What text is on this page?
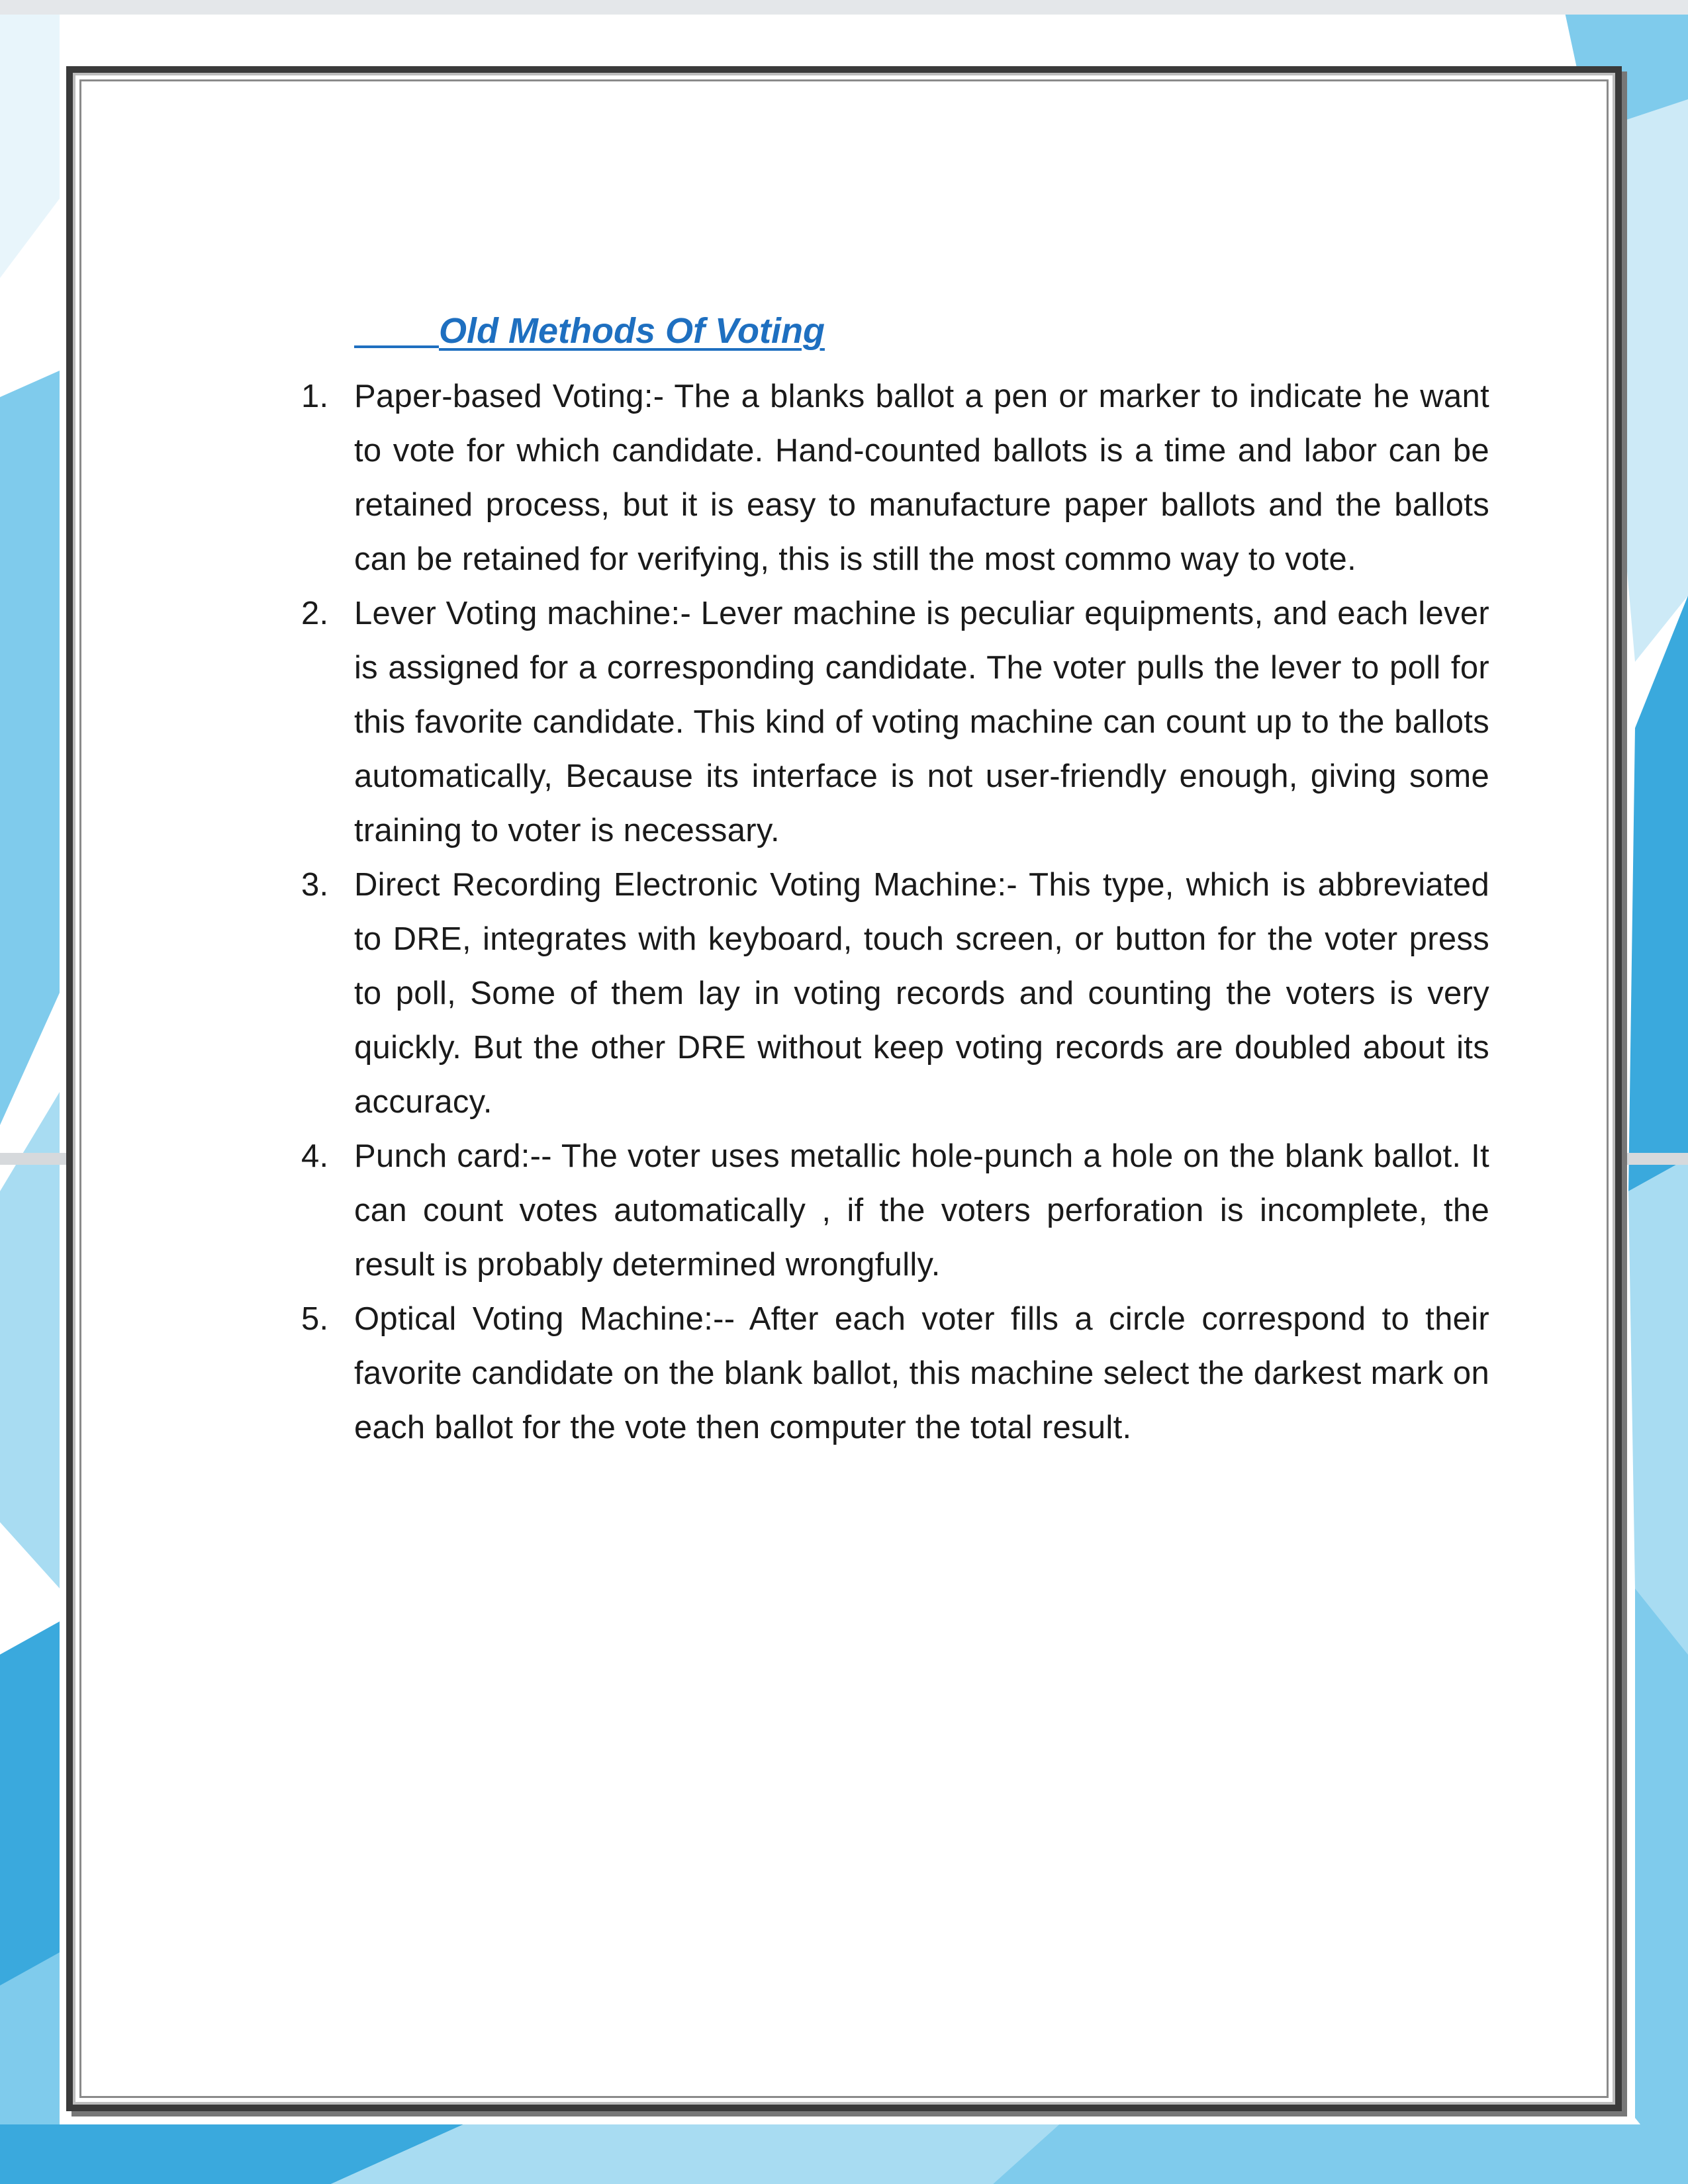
Old Methods Of Voting
1. Paper-based Voting:- The a blanks ballot a pen or marker to indicate he want to vote for which candidate. Hand-counted ballots is a time and labor can be retained process, but it is easy to manufacture paper ballots and the ballots can be retained for verifying, this is still the most commo way to vote.
2. Lever Voting machine:- Lever machine is peculiar equipments, and each lever is assigned for a corresponding candidate. The voter pulls the lever to poll for this favorite candidate. This kind of voting machine can count up to the ballots automatically, Because its interface is not user-friendly enough, giving some training to voter is necessary.
3. Direct Recording Electronic Voting Machine:- This type, which is abbreviated to DRE, integrates with keyboard, touch screen, or button for the voter press to poll, Some of them lay in voting records and counting the voters is very quickly. But the other DRE without keep voting records are doubled about its accuracy.
4. Punch card:-- The voter uses metallic hole-punch a hole on the blank ballot. It can count votes automatically , if the voters perforation is incomplete, the result is probably determined wrongfully.
5. Optical Voting Machine:-- After each voter fills a circle correspond to their favorite candidate on the blank ballot, this machine select the darkest mark on each ballot for the vote then computer the total result.
